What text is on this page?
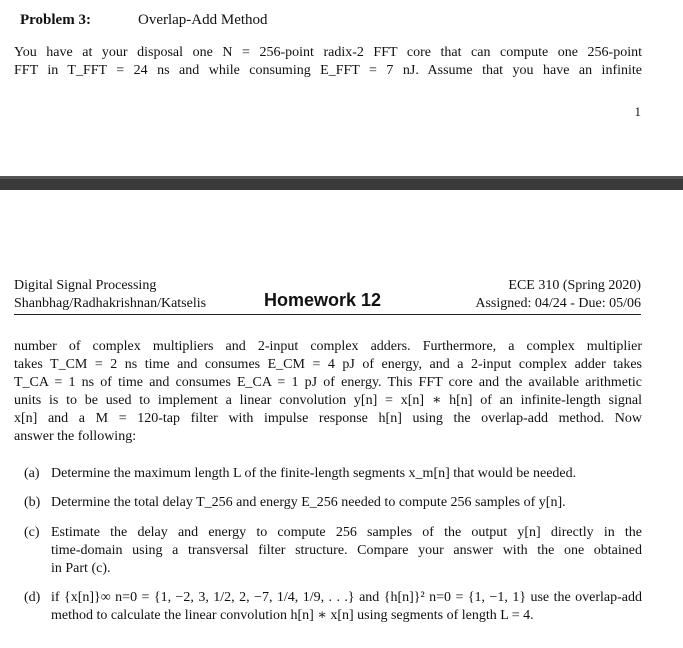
Problem 3:	Overlap-Add Method
You have at your disposal one N = 256-point radix-2 FFT core that can compute one 256-point
FFT in T_FFT = 24 ns and while consuming E_FFT = 7 nJ. Assume that you have an infinite
1
Digital Signal Processing
Shanbhag/Radhakrishnan/Katselis	Homework 12
ECE 310 (Spring 2020)
Assigned: 04/24 - Due: 05/06
number of complex multipliers and 2-input complex adders. Furthermore, a complex multiplier
takes T_CM = 2 ns time and consumes E_CM = 4 pJ of energy, and a 2-input complex adder takes
T_CA = 1 ns of time and consumes E_CA = 1 pJ of energy. This FFT core and the available arithmetic
units is to be used to implement a linear convolution y[n] = x[n] ∗ h[n] of an infinite-length signal
x[n] and a M = 120-tap filter with impulse response h[n] using the overlap-add method. Now
answer the following:
(a) Determine the maximum length L of the finite-length segments x_m[n] that would be needed.
(b) Determine the total delay T_256 and energy E_256 needed to compute 256 samples of y[n].
(c) Estimate the delay and energy to compute 256 samples of the output y[n] directly in the
time-domain using a transversal filter structure. Compare your answer with the one obtained
in Part (c).
(d) if {x[n]}∞ n=0 = {1, −2, 3, 1/2, 2, −7, 1/4, 1/9, . . .} and {h[n]}² n=0 = {1, −1, 1} use the overlap-add
method to calculate the linear convolution h[n] ∗ x[n] using segments of length L = 4.
